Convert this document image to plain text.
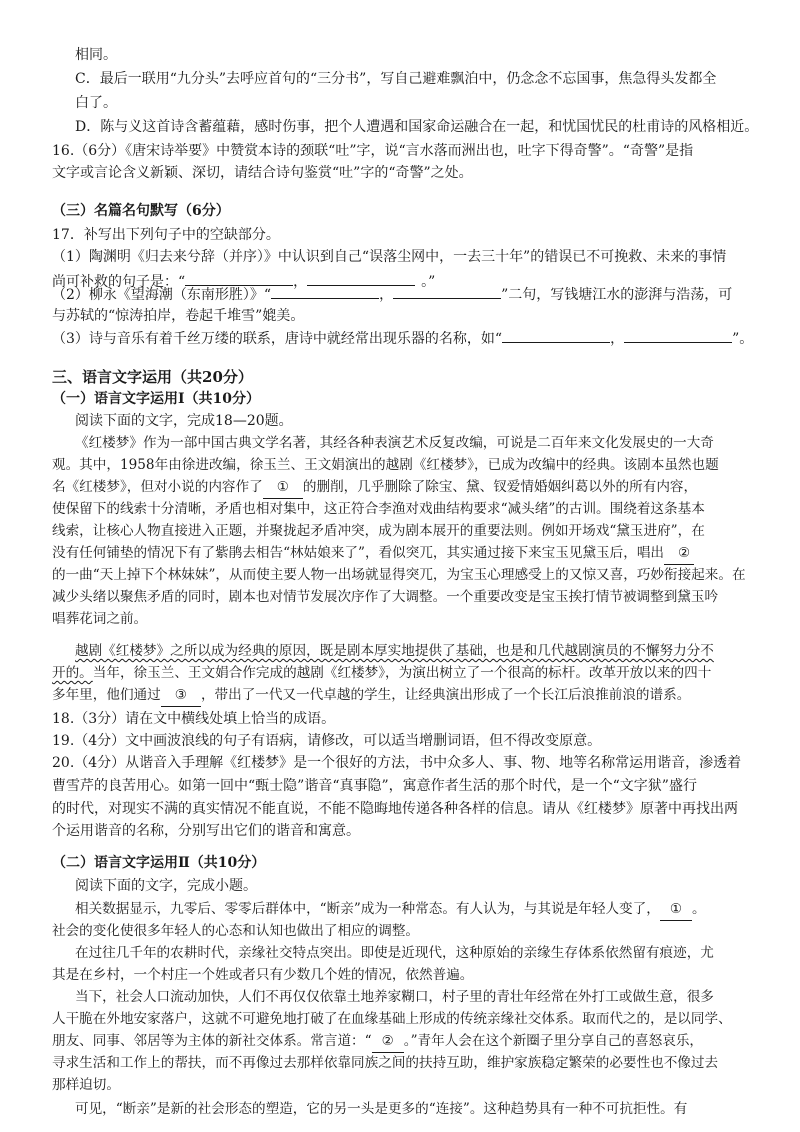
相同。
C．最后一联用“九分头”去呼应首句的“三分书”，写自己避难飘泊中，仍念念不忘国事，焦急得头发都全
白了。
D．陈与义这首诗含蓄蕴藉，感时伤事，把个人遭遇和国家命运融合在一起，和忧国忧民的杜甫诗的风格相近。
16.（6分）《唐宋诗举要》中赞赏本诗的颈联“吐”字，说“言水落而洲出也，吐字下得奇警”。“奇警”是指
文字或言论含义新颖、深切，请结合诗句鉴赏“吐”字的“奇警”之处。
（三）名篇名句默写（6分）
17．补写出下列句子中的空缺部分。
（1）陶渊明《归去来兮辞（并序）》中认识到自己“误落尘网中，一去三十年”的错误已不可挽救、未来的事情
尚可补救的句子是：“	，	。”
（2）柳永《望海潮（东南形胜）》“	，	”二句，写钱塘江水的澎湃与浩荡，可
与苏轼的“惊涛拍岸，卷起千堆雪”媲美。
（3）诗与音乐有着千丝万缕的联系，唐诗中就经常出现乐器的名称，如“	，	”。
三、语言文字运用（共20分）
（一）语言文字运用Ⅰ（共10分）
阅读下面的文字，完成18—20题。
《红楼梦》作为一部中国古典文学名著，其经各种表演艺术反复改编，可说是二百年来文化发展史的一大奇
观。其中，1958年由徐进改编，徐玉兰、王文娟演出的越剧《红楼梦》，已成为改编中的经典。该剧本虽然也题
名《红楼梦》，但对小说的内容作了 ① 的删削，几乎删除了除宝、黛、钗爱情婚姻纠葛以外的所有内容，
使保留下的线索十分清晰，矛盾也相对集中，这正符合李渔对戏曲结构要求“减头绪”的古训。围绕着这条基本
线索，让核心人物直接进入正题，并聚拢起矛盾冲突，成为剧本展开的重要法则。例如开场戏“黛玉进府”，在
没有任何铺垫的情况下有了紫鹃去相告“林姑娘来了”，看似突兀，其实通过接下来宝玉见黛玉后，唱出 ②
的一曲“天上掉下个林妹妹”，从而使主要人物一出场就显得突兀，为宝玉心理感受上的又惊又喜，巧妙衔接起来。在
减少头绪以聚焦矛盾的同时，剧本也对情节发展次序作了大调整。一个重要改变是宝玉挨打情节被调整到黛玉吟
唱葬花词之前。
越剧《红楼梦》之所以成为经典的原因，既是剧本厚实地提供了基础，也是和几代越剧演员的不懈努力分不
开的。当年，徐玉兰、王文娟合作完成的越剧《红楼梦》，为演出树立了一个很高的标杆。改革开放以来的四十
多年里，他们通过 ③ ，带出了一代又一代卓越的学生，让经典演出形成了一个长江后浪推前浪的谱系。
18.（3分）请在文中横线处填上恰当的成语。
19.（4分）文中画波浪线的句子有语病，请修改，可以适当增删词语，但不得改变原意。
20.（4分）从谐音入手理解《红楼梦》是一个很好的方法，书中众多人、事、物、地等名称常运用谐音，渗透着
曹雪芹的良苦用心。如第一回中“甄士隐”谐音“真事隐”，寓意作者生活的那个时代，是一个“文字狱”盛行
的时代，对现实不满的真实情况不能直说，不能不隐晦地传递各种各样的信息。请从《红楼梦》原著中再找出两
个运用谐音的名称，分别写出它们的谐音和寓意。
（二）语言文字运用Ⅱ（共10分）
阅读下面的文字，完成小题。
相关数据显示，九零后、零零后群体中，“断亲”成为一种常态。有人认为，与其说是年轻人变了， ① 。
社会的变化使很多年轻人的心态和认知也做出了相应的调整。
在过往几千年的农耕时代，亲缘社交特点突出。即使是近现代，这种原始的亲缘生存体系依然留有痕迹，尤
其是在乡村，一个村庄一个姓或者只有少数几个姓的情况，依然普遍。
当下，社会人口流动加快，人们不再仅仅依靠土地养家糊口，村子里的青壮年经常在外打工或做生意，很多
人干脆在外地安家落户，这就不可避免地打破了在血缘基础上形成的传统亲缘社交体系。取而代之的，是以同学、
朋友、同事、邻居等为主体的新社交体系。常言道：“ ② 。”青年人会在这个新圈子里分享自己的喜怒哀乐，
寻求生活和工作上的帮扶，而不再像过去那样依靠同族之间的扶持互助，维护家族稳定繁荣的必要性也不像过去
那样迫切。
可见，“断亲”是新的社会形态的塑造，它的另一头是更多的“连接”。这种趋势具有一种不可抗拒性。有
